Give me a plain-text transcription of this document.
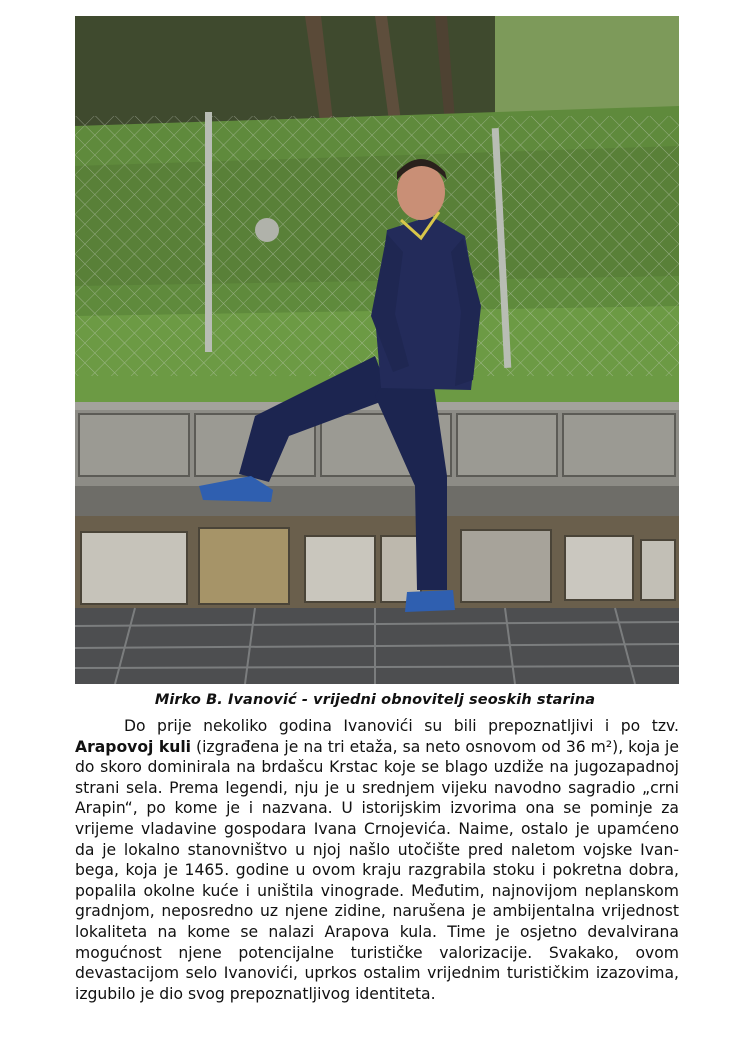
Mirko B. Ivanović - vrijedni obnovitelj seoskih starina

Do prije nekoliko godina Ivanovići su bili prepoznatljivi i po tzv. Arapovoj kuli (izgrađena je na tri etaža, sa neto osnovom od 36 m²), koja je do skoro dominirala na brdašcu Krstac koje se blago uzdiže na jugozapadnoj strani sela. Prema legendi, nju je u srednjem vijeku navodno sagradio „crni Arapin“, po kome je i nazvana. U istorijskim izvorima ona se pominje za vrijeme vladavine gospodara Ivana Crnojevića. Naime, ostalo je upamćeno da je lokalno stanovništvo u njoj našlo utočište pred naletom vojske Ivan-bega, koja je 1465. godine u ovom kraju razgrabila stoku i pokretna dobra, popalila okolne kuće i uništila vinograde. Međutim, najnovijom neplanskom gradnjom, neposredno uz njene zidine, narušena je ambijentalna vrijednost lokaliteta na kome se nalazi Arapova kula. Time je osjetno devalvirana mogućnost njene potencijalne turističke valorizacije. Svakako, ovom devastacijom selo Ivanovići, uprkos ostalim vrijednim turističkim izazovima, izgubilo je dio svog prepoznatljivog identiteta.
